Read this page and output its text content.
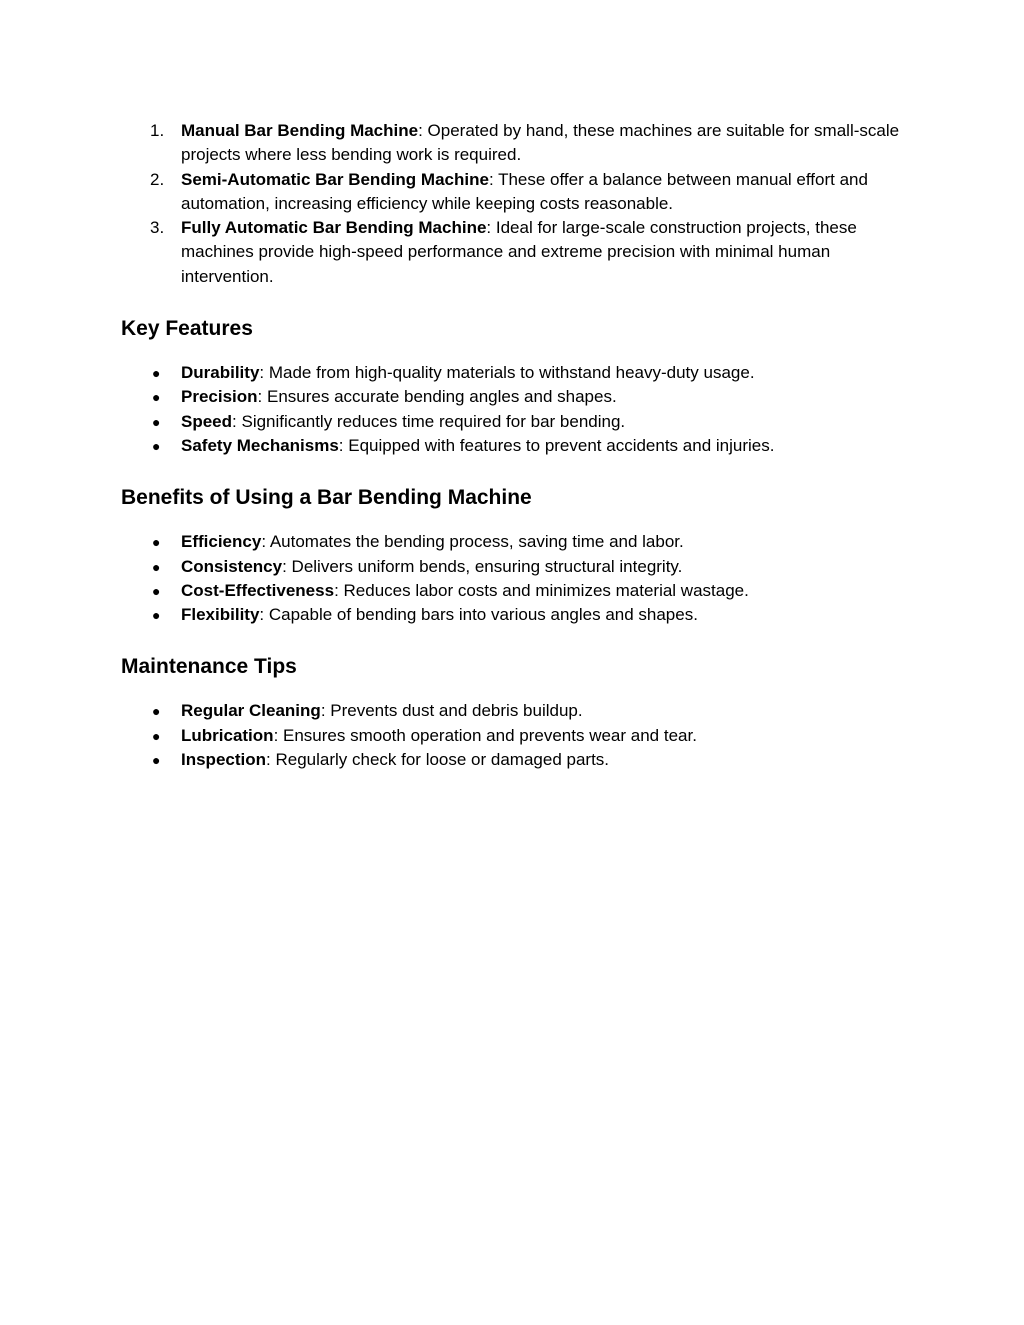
1. Manual Bar Bending Machine: Operated by hand, these machines are suitable for small-scale projects where less bending work is required.
2. Semi-Automatic Bar Bending Machine: These offer a balance between manual effort and automation, increasing efficiency while keeping costs reasonable.
3. Fully Automatic Bar Bending Machine: Ideal for large-scale construction projects, these machines provide high-speed performance and extreme precision with minimal human intervention.
Key Features
●	Durability: Made from high-quality materials to withstand heavy-duty usage.
●	Precision: Ensures accurate bending angles and shapes.
●	Speed: Significantly reduces time required for bar bending.
●	Safety Mechanisms: Equipped with features to prevent accidents and injuries.
Benefits of Using a Bar Bending Machine
●	Efficiency: Automates the bending process, saving time and labor.
●	Consistency: Delivers uniform bends, ensuring structural integrity.
●	Cost-Effectiveness: Reduces labor costs and minimizes material wastage.
●	Flexibility: Capable of bending bars into various angles and shapes.
Maintenance Tips
●	Regular Cleaning: Prevents dust and debris buildup.
●	Lubrication: Ensures smooth operation and prevents wear and tear.
●	Inspection: Regularly check for loose or damaged parts.
